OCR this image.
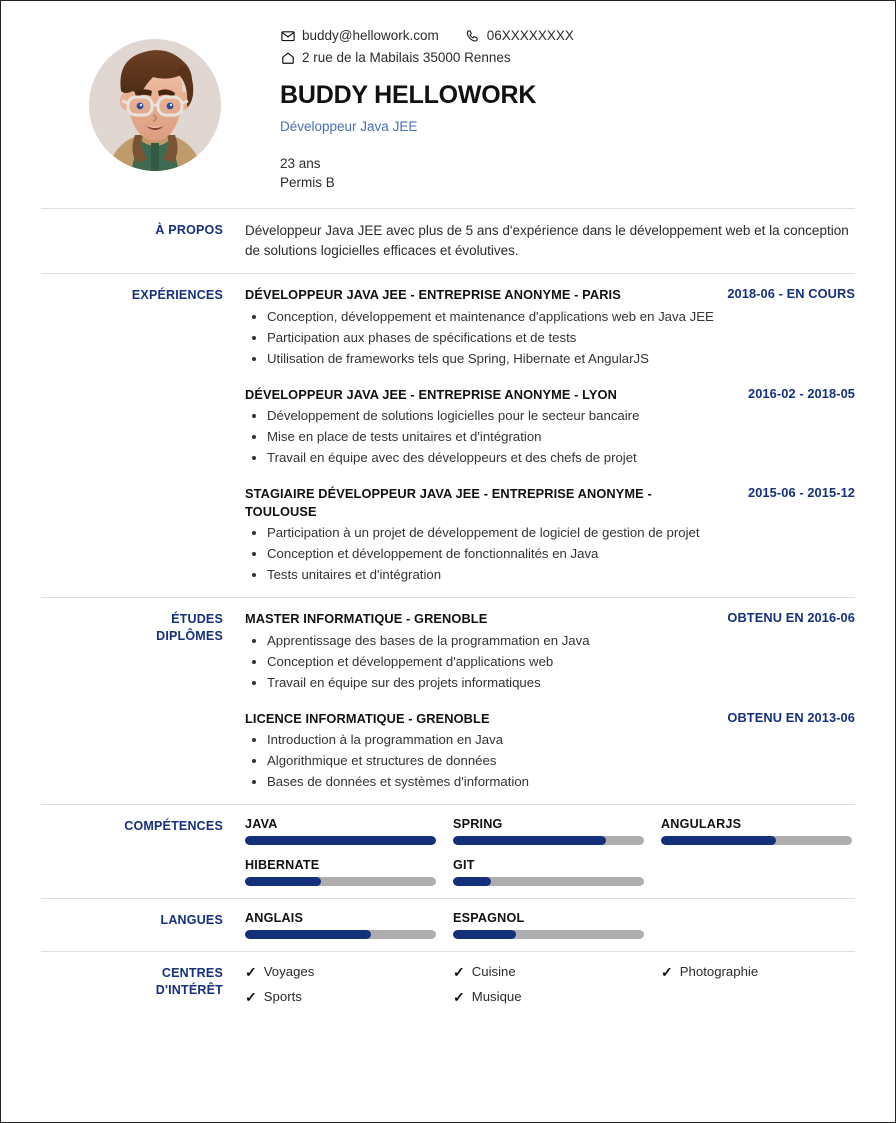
buddy@hellowork.com	06XXXXXXXX
2 rue de la Mabilais 35000 Rennes
BUDDY HELLOWORK
Développeur Java JEE
23 ans
Permis B
À PROPOS	Développeur Java JEE avec plus de 5 ans d'expérience dans le développement web et la conception de solutions logicielles efficaces et évolutives.
EXPÉRIENCES	DÉVELOPPEUR JAVA JEE - ENTREPRISE ANONYME - PARIS	2018-06 - EN COURS
Conception, développement et maintenance d'applications web en Java JEE
Participation aux phases de spécifications et de tests
Utilisation de frameworks tels que Spring, Hibernate et AngularJS
DÉVELOPPEUR JAVA JEE - ENTREPRISE ANONYME - LYON	2016-02 - 2018-05
Développement de solutions logicielles pour le secteur bancaire
Mise en place de tests unitaires et d'intégration
Travail en équipe avec des développeurs et des chefs de projet
STAGIAIRE DÉVELOPPEUR JAVA JEE - ENTREPRISE ANONYME - TOULOUSE
2015-06 - 2015-12
Participation à un projet de développement de logiciel de gestion de projet
Conception et développement de fonctionnalités en Java
Tests unitaires et d'intégration
ÉTUDES
DIPLÔMES
MASTER INFORMATIQUE - GRENOBLE	OBTENU EN 2016-06
Apprentissage des bases de la programmation en Java
Conception et développement d'applications web
Travail en équipe sur des projets informatiques
LICENCE INFORMATIQUE - GRENOBLE	OBTENU EN 2013-06
Introduction à la programmation en Java
Algorithmique et structures de données
Bases de données et systèmes d'information
COMPÉTENCES	JAVA	SPRING	ANGULARJS
HIBERNATE	GIT
LANGUES	ANGLAIS	ESPAGNOL
CENTRES
D'INTÉRÊT
✓ Voyages	✓ Cuisine	✓ Photographie
✓ Sports	✓ Musique
